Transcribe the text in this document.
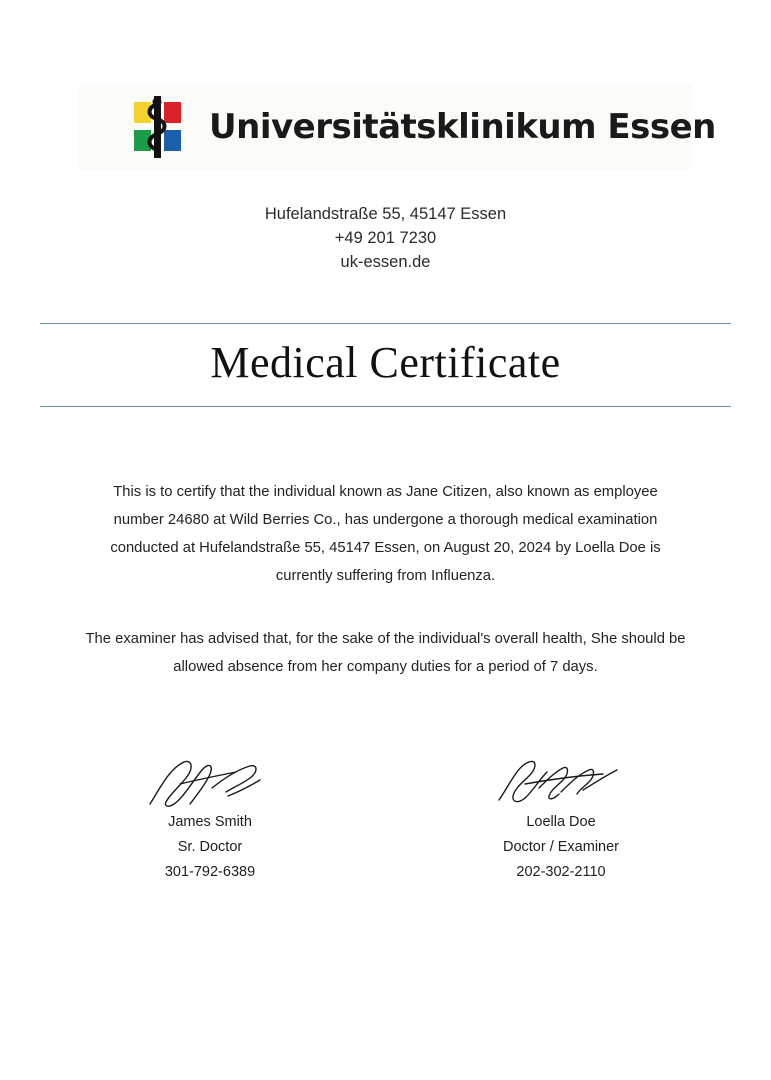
Universitätsklinikum Essen
Hufelandstraße 55, 45147 Essen
+49 201 7230
uk-essen.de
Medical Certificate
This is to certify that the individual known as Jane Citizen, also known as employee number 24680 at Wild Berries Co., has undergone a thorough medical examination conducted at Hufelandstraße 55, 45147 Essen, on August 20, 2024 by Loella Doe is currently suffering from Influenza.
The examiner has advised that, for the sake of the individual's overall health, She should be allowed absence from her company duties for a period of 7 days.
James Smith
Sr. Doctor
301-792-6389
Loella Doe
Doctor / Examiner
202-302-2110
